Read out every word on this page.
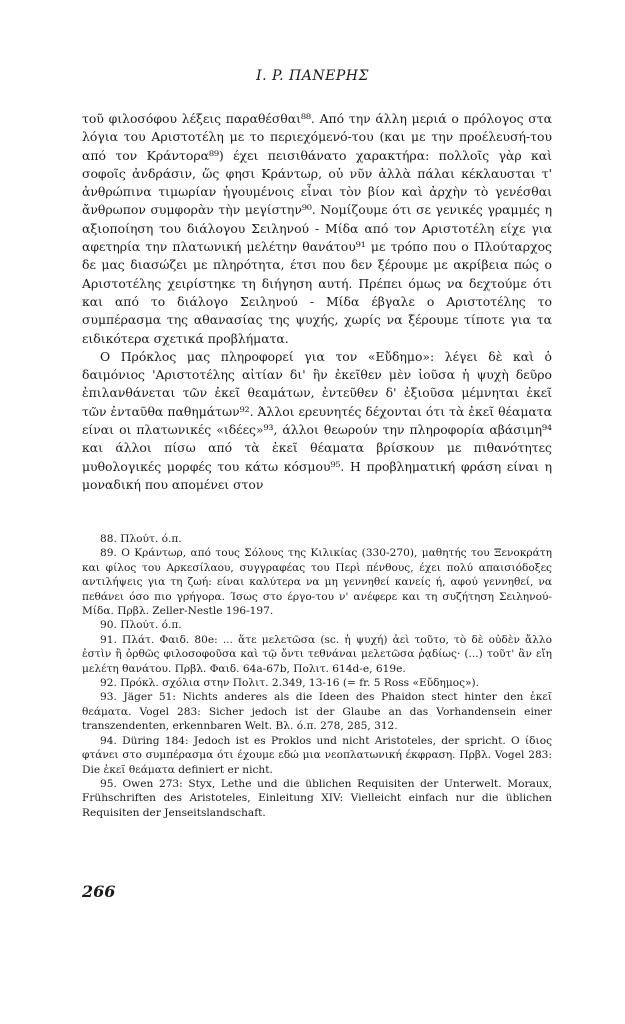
I. P. ΠΑΝΕΡΗΣ

τοῦ φιλοσόφου λέξεις παραθέσθαι⁸⁸. Από την άλλη μεριά ο πρόλογος στα λόγια του Αριστοτέλη με το περιεχόμενό-του (και με την προέλευσή-του από τον Κράντορα⁸⁹) έχει πεισιθάνατο χαρακτήρα: πολλοῖς γὰρ καὶ σοφοῖς ἀνδράσιν, ὥς φησι Κράντωρ, οὐ νῦν ἀλλὰ πάλαι κέκλαυσται τ' ἀνθρώπινα τιμωρίαν ἡγουμένοις εἶναι τὸν βίον καὶ ἀρχὴν τὸ γενέσθαι ἄνθρωπον συμφορὰν τὴν μεγίστην⁹⁰. Νομίζουμε ότι σε γενικές γραμμές η αξιοποίηση του διάλογου Σειληνού - Μίδα από τον Αριστοτέλη είχε για αφετηρία την πλατωνική μελέτην θανάτου⁹¹ με τρόπο που ο Πλούταρχος δε μας διασώζει με πληρότητα, έτσι που δεν ξέρουμε με ακρίβεια πώς ο Αριστοτέλης χειρίστηκε τη διήγηση αυτή. Πρέπει όμως να δεχτούμε ότι και από το διάλογο Σειληνού - Μίδα έβγαλε ο Αριστοτέλης το συμπέρασμα της αθανασίας της ψυχής, χωρίς να ξέρουμε τίποτε για τα ειδικότερα σχετικά προβλήματα.

Ο Πρόκλος μας πληροφορεί για τον «Εὔδημο»: λέγει δὲ καὶ ὁ δαιμόνιος 'Αριστοτέλης αἰτίαν δι' ἣν ἐκεῖθεν μὲν ἰοῦσα ἡ ψυχὴ δεῦρο ἐπιλανθάνεται τῶν ἐκεῖ θεαμάτων, ἐντεῦθεν δ' ἐξιοῦσα μέμνηται ἐκεῖ τῶν ἐνταῦθα παθημάτων⁹². Άλλοι ερευνητές δέχονται ότι τὰ ἐκεῖ θέαματα είναι οι πλατωνικές «ιδέες»⁹³, άλλοι θεωρούν την πληροφορία αβάσιμη⁹⁴ και άλλοι πίσω από τὰ ἐκεῖ θέαματα βρίσκουν με πιθανότητες μυθολογικές μορφές του κάτω κόσμου⁹⁵. Η προβληματική φράση είναι η μοναδική που απομένει στον

88. Πλούτ. ό.π.

89. Ο Κράντωρ, από τους Σόλους της Κιλικίας (330-270), μαθητής του Ξενοκράτη και φίλος του Αρκεσίλαου, συγγραφέας του Περὶ πένθους, έχει πολύ απαισιόδοξες αντιλήψεις για τη ζωή: είναι καλύτερα να μη γεννηθεί κανείς ή, αφού γεννηθεί, να πεθάνει όσο πιο γρήγορα. Ίσως στο έργο-του ν' ανέφερε και τη συζήτηση Σειληνού-Μίδα. Πρβλ. Zeller-Nestle 196-197.

90. Πλούτ. ό.π.

91. Πλάτ. Φαιδ. 80e: ... ἅτε μελετῶσα (sc. ἡ ψυχή) ἀεὶ τοῦτο, τὸ δὲ οὐδὲν ἄλλο ἐστὶν ἢ ὀρθῶς φιλοσοφοῦσα καὶ τῷ ὄντι τεθνάναι μελετῶσα ῥᾳδίως· (...) τοῦτ' ἂν εἴη μελέτη θανάτου. Πρβλ. Φαιδ. 64a-67b, Πολιτ. 614d-e, 619e.

92. Πρόκλ. σχόλια στην Πολιτ. 2.349, 13-16 (= fr. 5 Ross «Εὔδημος»).

93. Jäger 51: Nichts anderes als die Ideen des Phaidon stect hinter den ἐκεῖ θεάματα. Vogel 283: Sicher jedoch ist der Glaube an das Vorhandensein einer transzendenten, erkennbaren Welt. Βλ. ό.π. 278, 285, 312.

94. Düring 184: Jedoch ist es Proklos und nicht Aristoteles, der spricht. Ο ίδιος φτάνει στο συμπέρασμα ότι έχουμε εδώ μια νεοπλατωνική έκφραση. Πρβλ. Vogel 283: Die ἐκεῖ θεάματα definiert er nicht.

95. Owen 273: Styx, Lethe und die üblichen Requisiten der Unterwelt. Moraux, Frühschriften des Aristoteles, Einleitung XIV: Vielleicht einfach nur die üblichen Requisiten der Jenseitslandschaft.

266
